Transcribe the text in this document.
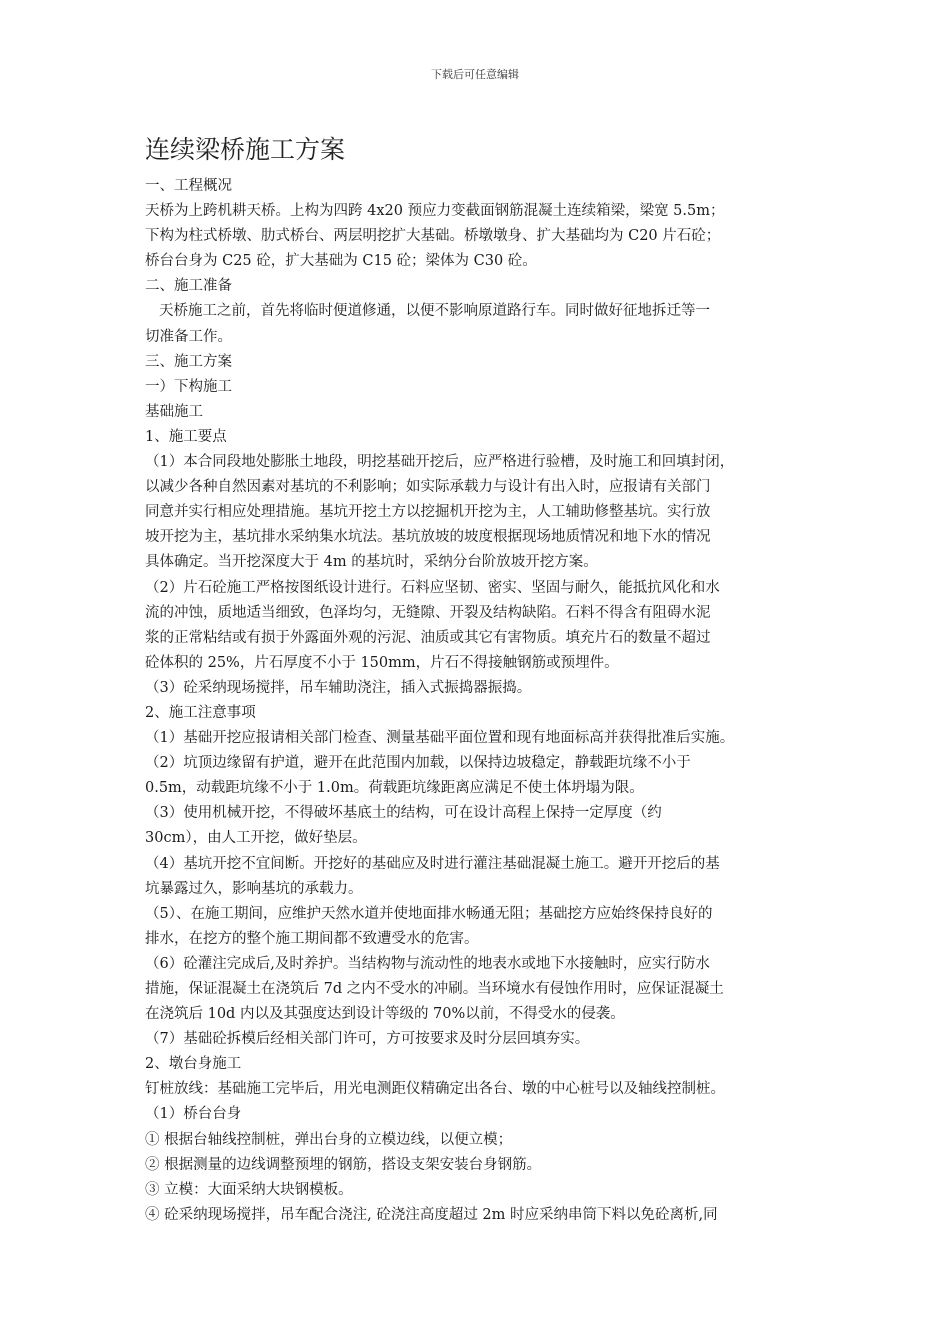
下载后可任意编辑
连续梁桥施工方案
一、工程概况
天桥为上跨机耕天桥。上构为四跨 4x20 预应力变截面钢筋混凝土连续箱梁，梁宽 5.5m；
下构为柱式桥墩、肋式桥台、两层明挖扩大基础。桥墩墩身、扩大基础均为 C20 片石砼；
桥台台身为 C25 砼，扩大基础为 C15 砼；梁体为 C30 砼。
二、施工准备
天桥施工之前，首先将临时便道修通，以便不影响原道路行车。同时做好征地拆迁等一
切准备工作。
三、施工方案
一）下构施工
基础施工
1、施工要点
（1）本合同段地处膨胀土地段，明挖基础开挖后，应严格进行验槽，及时施工和回填封闭，
以减少各种自然因素对基坑的不利影响；如实际承载力与设计有出入时，应报请有关部门
同意并实行相应处理措施。基坑开挖土方以挖掘机开挖为主，人工辅助修整基坑。实行放
坡开挖为主，基坑排水采纳集水坑法。基坑放坡的坡度根据现场地质情况和地下水的情况
具体确定。当开挖深度大于 4m 的基坑时，采纳分台阶放坡开挖方案。
（2）片石砼施工严格按图纸设计进行。石料应坚韧、密实、坚固与耐久，能抵抗风化和水
流的冲蚀，质地适当细致，色泽均匀，无缝隙、开裂及结构缺陷。石料不得含有阻碍水泥
浆的正常粘结或有损于外露面外观的污泥、油质或其它有害物质。填充片石的数量不超过
砼体积的 25%，片石厚度不小于 150mm，片石不得接触钢筋或预埋件。
（3）砼采纳现场搅拌，吊车辅助浇注，插入式振捣器振捣。
2、施工注意事项
（1）基础开挖应报请相关部门检查、测量基础平面位置和现有地面标高并获得批准后实施。
（2）坑顶边缘留有护道，避开在此范围内加载，以保持边坡稳定，静载距坑缘不小于
0.5m，动载距坑缘不小于 1.0m。荷载距坑缘距离应满足不使土体坍塌为限。
（3）使用机械开挖，不得破坏基底土的结构，可在设计高程上保持一定厚度（约
30cm），由人工开挖，做好垫层。
（4）基坑开挖不宜间断。开挖好的基础应及时进行灌注基础混凝土施工。避开开挖后的基
坑暴露过久，影响基坑的承载力。
（5）、在施工期间，应维护天然水道并使地面排水畅通无阻；基础挖方应始终保持良好的
排水，在挖方的整个施工期间都不致遭受水的危害。
（6）砼灌注完成后,及时养护。当结构物与流动性的地表水或地下水接触时，应实行防水
措施，保证混凝土在浇筑后 7d 之内不受水的冲刷。当环境水有侵蚀作用时，应保证混凝土
在浇筑后 10d 内以及其强度达到设计等级的 70%以前，不得受水的侵袭。
（7）基础砼拆模后经相关部门许可，方可按要求及时分层回填夯实。
2、墩台身施工
钉桩放线：基础施工完毕后，用光电测距仪精确定出各台、墩的中心桩号以及轴线控制桩。
（1）桥台台身
① 根据台轴线控制桩，弹出台身的立模边线，以便立模；
② 根据测量的边线调整预埋的钢筋，搭设支架安装台身钢筋。
③ 立模：大面采纳大块钢模板。
④ 砼采纳现场搅拌，吊车配合浇注, 砼浇注高度超过 2m 时应采纳串筒下料以免砼离析,同
